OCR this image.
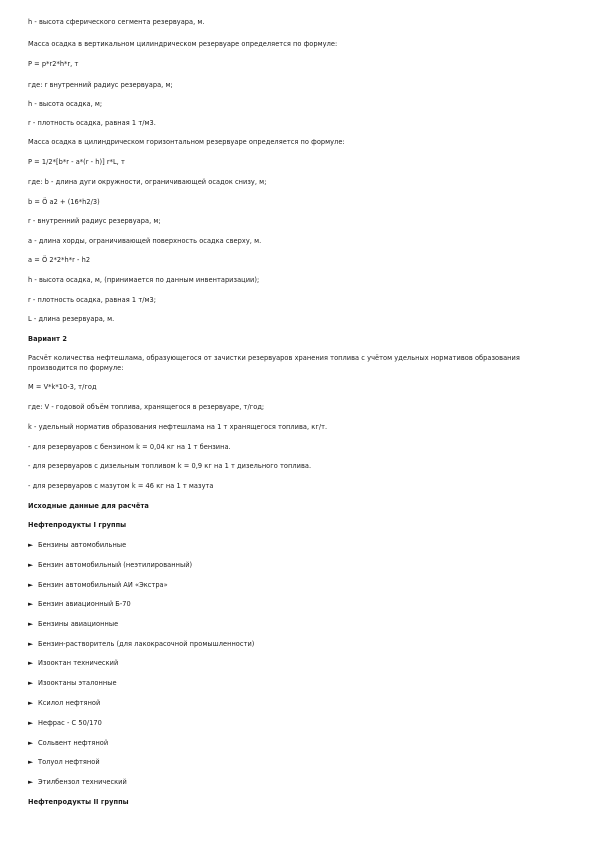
h - высота сферического сегмента резервуара, м.
Масса осадка в вертикальном цилиндрическом резервуаре определяется по формуле:
P = p*r2*h*r, т
где: r внутренний радиус резервуара, м;
h - высота осадка, м;
r - плотность осадка, равная 1 т/м3.
Масса осадка в цилиндрическом горизонтальном резервуаре определяется по формуле:
P = 1/2*[b*r - a*(r - h)] r*L, т
где: b - длина дуги окружности, ограничивающей осадок снизу, м;
b = Ö a2 + (16*h2/3)
r - внутренний радиус резервуара, м;
a - длина хорды, ограничивающей поверхность осадка сверху, м.
a = Ö 2*2*h*r - h2
h - высота осадка, м, (принимается по данным инвентаризации);
r - плотность осадка, равная 1 т/м3;
L - длина резервуара, м.
Вариант 2
Расчёт количества нефтешлама, образующегося от зачистки резервуаров хранения топлива с учётом удельных нормативов образования производится по формуле:
M = V*k*10-3, т/год
где: V - годовой объём топлива, хранящегося в резервуаре, т/год;
k - удельный норматив образования нефтешлама на 1 т хранящегося топлива, кг/т.
- для резервуаров с бензином k = 0,04 кг на 1 т бензина.
- для резервуаров с дизельным топливом k = 0,9 кг на 1 т дизельного топлива.
- для резервуаров с мазутом k = 46 кг на 1 т мазута
Исходные данные для расчёта
Нефтепродукты I группы
► Бензины автомобильные
► Бензин автомобильный (неэтилированный)
► Бензин автомобильный АИ «Экстра»
► Бензин авиационный Б-70
► Бензины авиационные
► Бензин-растворитель (для лакокрасочной промышленности)
► Изооктан технический
► Изооктаны эталонные
► Ксилол нефтяной
► Нефрас - С 50/170
► Сольвент нефтяной
► Толуол нефтяной
► Этилбензол технический
Нефтепродукты II группы
